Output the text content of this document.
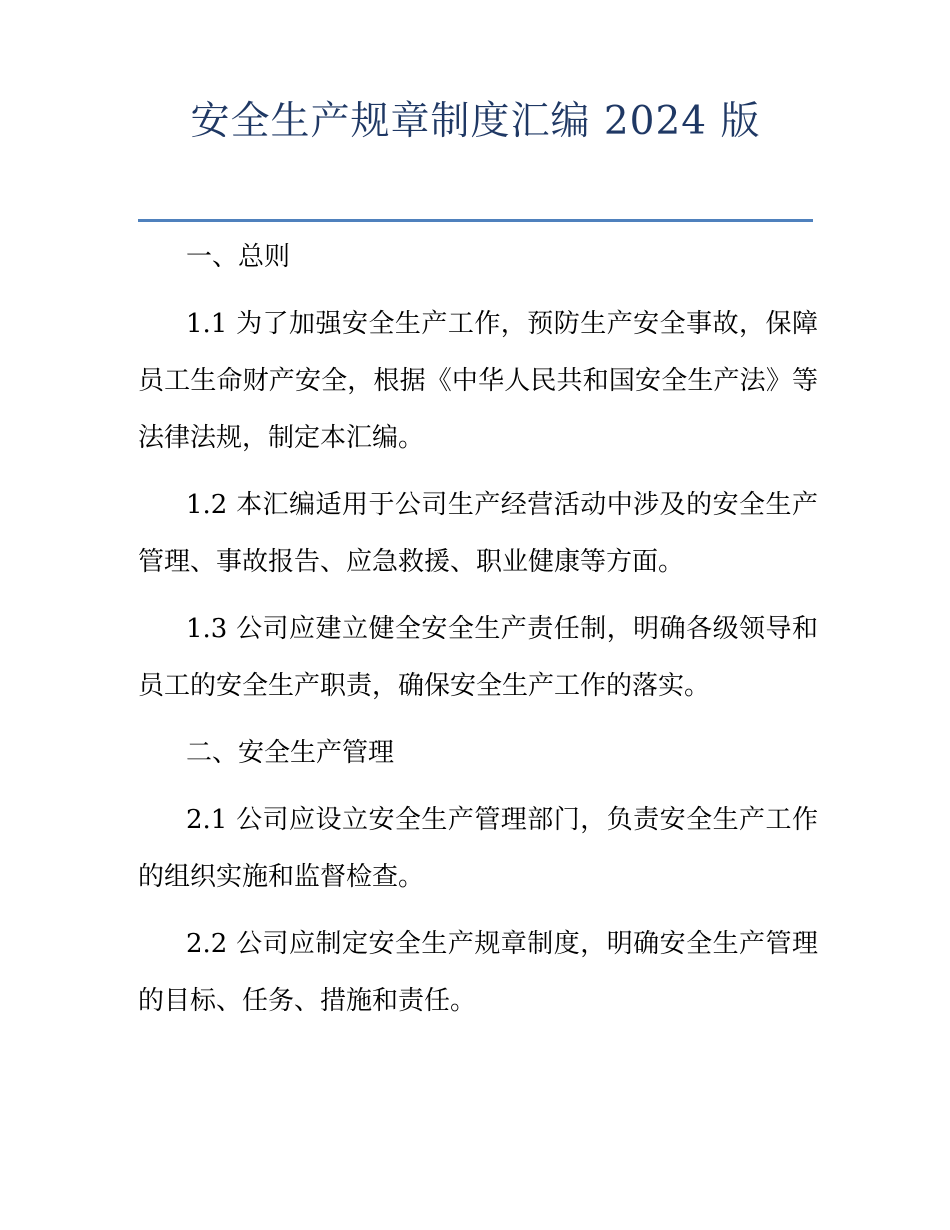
安全生产规章制度汇编 2024 版

一、总则

1.1 为了加强安全生产工作，预防生产安全事故，保障员工生命财产安全，根据《中华人民共和国安全生产法》等法律法规，制定本汇编。

1.2 本汇编适用于公司生产经营活动中涉及的安全生产管理、事故报告、应急救援、职业健康等方面。

1.3 公司应建立健全安全生产责任制，明确各级领导和员工的安全生产职责，确保安全生产工作的落实。

二、安全生产管理

2.1 公司应设立安全生产管理部门，负责安全生产工作的组织实施和监督检查。

2.2 公司应制定安全生产规章制度，明确安全生产管理的目标、任务、措施和责任。
